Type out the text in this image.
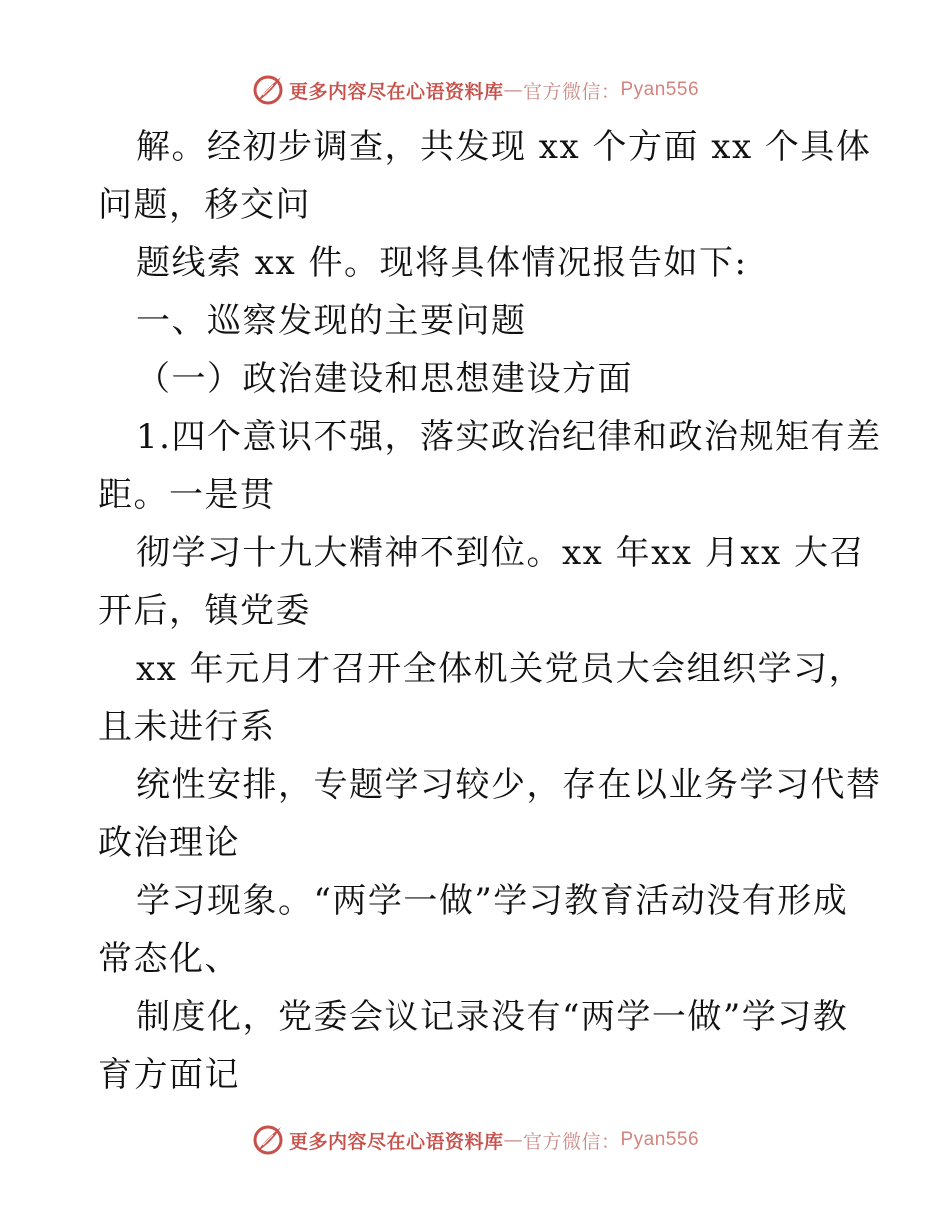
更多内容尽在心语资料库 — 官方微信： Pyan556
解。经初步调查，共发现 xx 个方面 xx 个具体
问题，移交问
题线索 xx 件。现将具体情况报告如下:
一、巡察发现的主要问题
（一）政治建设和思想建设方面
1.四个意识不强，落实政治纪律和政治规矩有差
距。一是贯
彻学习十九大精神不到位。xx 年xx 月xx 大召
开后，镇党委
xx 年元月才召开全体机关党员大会组织学习，
且未进行系
统性安排，专题学习较少，存在以业务学习代替
政治理论
学习现象。“两学一做”学习教育活动没有形成
常态化、
制度化，党委会议记录没有“两学一做”学习教
育方面记
更多内容尽在心语资料库 — 官方微信： Pyan556
